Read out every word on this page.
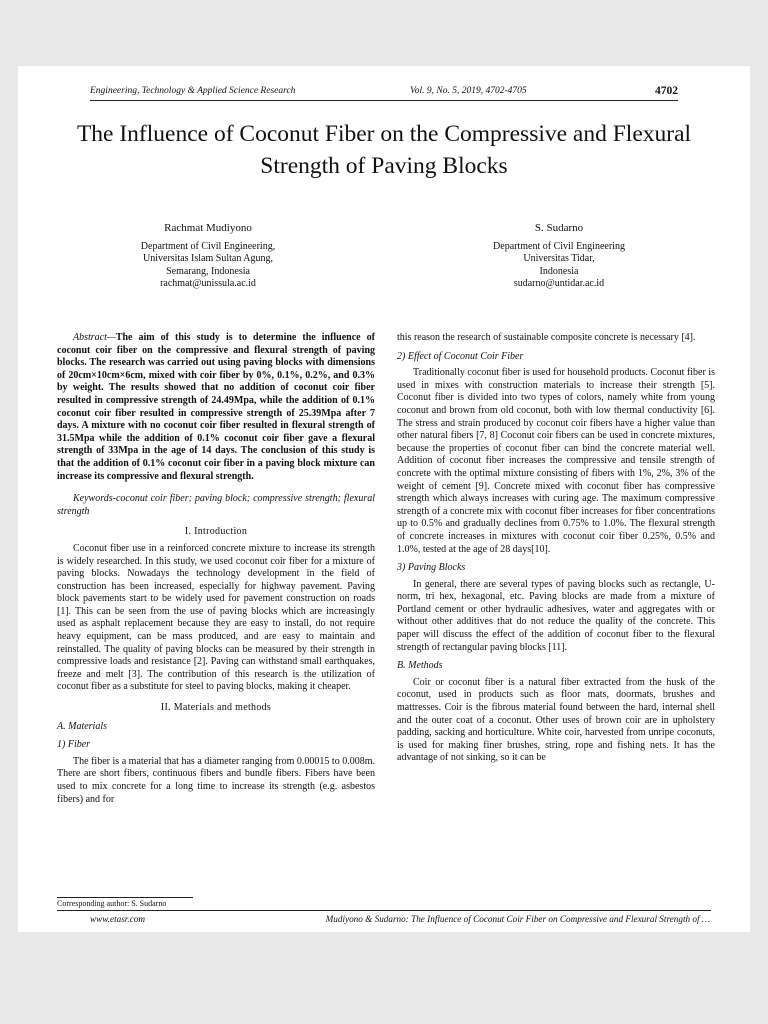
Engineering, Technology & Applied Science Research	Vol. 9, No. 5, 2019, 4702-4705	4702
The Influence of Coconut Fiber on the Compressive and Flexural Strength of Paving Blocks
Rachmat Mudiyono
Department of Civil Engineering,
Universitas Islam Sultan Agung,
Semarang, Indonesia
rachmat@unissula.ac.id
S. Sudarno
Department of Civil Engineering
Universitas Tidar,
Indonesia
sudarno@untidar.ac.id

Abstract—The aim of this study is to determine the influence of coconut coir fiber on the compressive and flexural strength of paving blocks. The research was carried out using paving blocks with dimensions of 20cm×10cm×6cm, mixed with coir fiber by 0%, 0.1%, 0.2%, and 0.3% by weight. The results showed that no addition of coconut coir fiber resulted in compressive strength of 24.49Mpa, while the addition of 0.1% coconut coir fiber resulted in compressive strength of 25.39Mpa after 7 days. A mixture with no coconut coir fiber resulted in flexural strength of 31.5Mpa while the addition of 0.1% coconut coir fiber gave a flexural strength of 33Mpa in the age of 14 days. The conclusion of this study is that the addition of 0.1% coconut coir fiber in a paving block mixture can increase its compressive and flexural strength.

Keywords-coconut coir fiber; paving block; compressive strength; flexural strength

I. Introduction

Coconut fiber use in a reinforced concrete mixture to increase its strength is widely researched. In this study, we used coconut coir fiber for a mixture of paving blocks. Nowadays the technology development in the field of construction has been increased, especially for highway pavement. Paving block pavements start to be widely used for pavement construction on roads [1]. This can be seen from the use of paving blocks which are increasingly used as asphalt replacement because they are easy to install, do not require heavy equipment, can be mass produced, and are easy to maintain and reinstalled. The quality of paving blocks can be measured by their strength in compressive loads and resistance [2]. Paving can withstand small earthquakes, freeze and melt [3]. The contribution of this research is the utilization of coconut fiber as a substitute for steel to paving blocks, making it cheaper.

II. Materials and methods

A. Materials

1) Fiber

The fiber is a material that has a diameter ranging from 0.00015 to 0.008m. There are short fibers, continuous fibers and bundle fibers. Fibers have been used to mix concrete for a long time to increase its strength (e.g. asbestos fibers) and for

this reason the research of sustainable composite concrete is necessary [4].

2) Effect of Coconut Coir Fiber

Traditionally coconut fiber is used for household products. Coconut fiber is used in mixes with construction materials to increase their strength [5]. Coconut fiber is divided into two types of colors, namely white from young coconut and brown from old coconut, both with low thermal conductivity [6]. The stress and strain produced by coconut coir fibers have a higher value than other natural fibers [7, 8] Coconut coir fibers can be used in concrete mixtures, because the properties of coconut fiber can bind the concrete material well. Addition of coconut fiber increases the compressive and tensile strength of concrete with the optimal mixture consisting of fibers with 1%, 2%, 3% of the weight of cement [9]. Concrete mixed with coconut fiber has compressive strength which always increases with curing age. The maximum compressive strength of a concrete mix with coconut fiber increases for fiber concentrations up to 0.5% and gradually declines from 0.75% to 1.0%. The flexural strength of concrete increases in mixtures with coconut coir fiber 0.25%, 0.5% and 1.0%, tested at the age of 28 days[10].

3) Paving Blocks

In general, there are several types of paving blocks such as rectangle, U-norm, tri hex, hexagonal, etc. Paving blocks are made from a mixture of Portland cement or other hydraulic adhesives, water and aggregates with or without other additives that do not reduce the quality of the concrete. This paper will discuss the effect of the addition of coconut fiber to the flexural strength of rectangular paving blocks [11].

B. Methods

Coir or coconut fiber is a natural fiber extracted from the husk of the coconut, used in products such as floor mats, doormats, brushes and mattresses. Coir is the fibrous material found between the hard, internal shell and the outer coat of a coconut. Other uses of brown coir are in upholstery padding, sacking and horticulture. White coir, harvested from unripe coconuts, is used for making finer brushes, string, rope and fishing nets. It has the advantage of not sinking, so it can be

Corresponding author: S. Sudarno
www.etasr.com	Mudiyono & Sudarno: The Influence of Coconut Coir Fiber on Compressive and Flexural Strength of …
